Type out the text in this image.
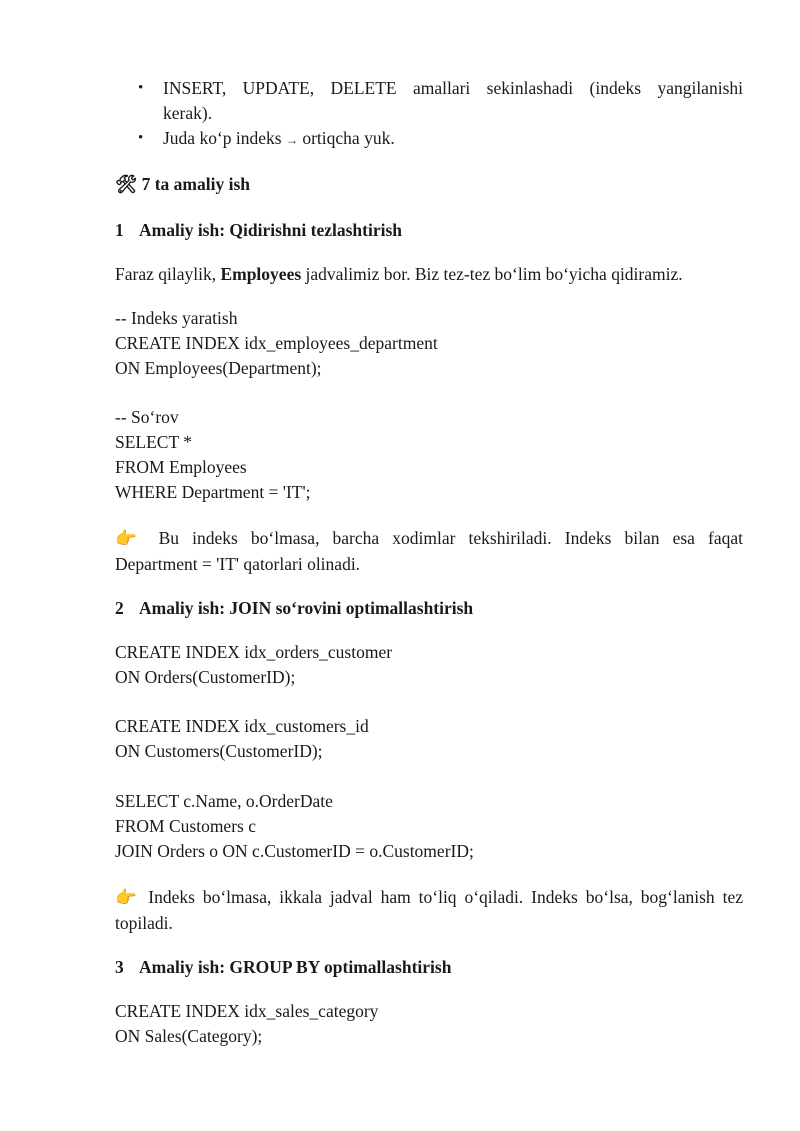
• INSERT, UPDATE, DELETE amallari sekinlashadi (indeks yangilanishi
kerak).
• Juda ko‘p indeks → ortiqcha yuk.
🛠 7 ta amaliy ish
1 Amaliy ish: Qidirishni tezlashtirish
Faraz qilaylik, Employees jadvalimiz bor. Biz tez-tez bo‘lim bo‘yicha qidiramiz.
-- Indeks yaratish
CREATE INDEX idx_employees_department
ON Employees(Department);
-- So‘rov
SELECT *
FROM Employees
WHERE Department = 'IT';
👉 Bu indeks bo‘lmasa, barcha xodimlar tekshiriladi. Indeks bilan esa faqat
Department = 'IT' qatorlari olinadi.
2 Amaliy ish: JOIN so‘rovini optimallashtirish
CREATE INDEX idx_orders_customer
ON Orders(CustomerID);
CREATE INDEX idx_customers_id
ON Customers(CustomerID);
SELECT c.Name, o.OrderDate
FROM Customers c
JOIN Orders o ON c.CustomerID = o.CustomerID;
👉 Indeks bo‘lmasa, ikkala jadval ham to‘liq o‘qiladi. Indeks bo‘lsa, bog‘lanish tez
topiladi.
3 Amaliy ish: GROUP BY optimallashtirish
CREATE INDEX idx_sales_category
ON Sales(Category);
